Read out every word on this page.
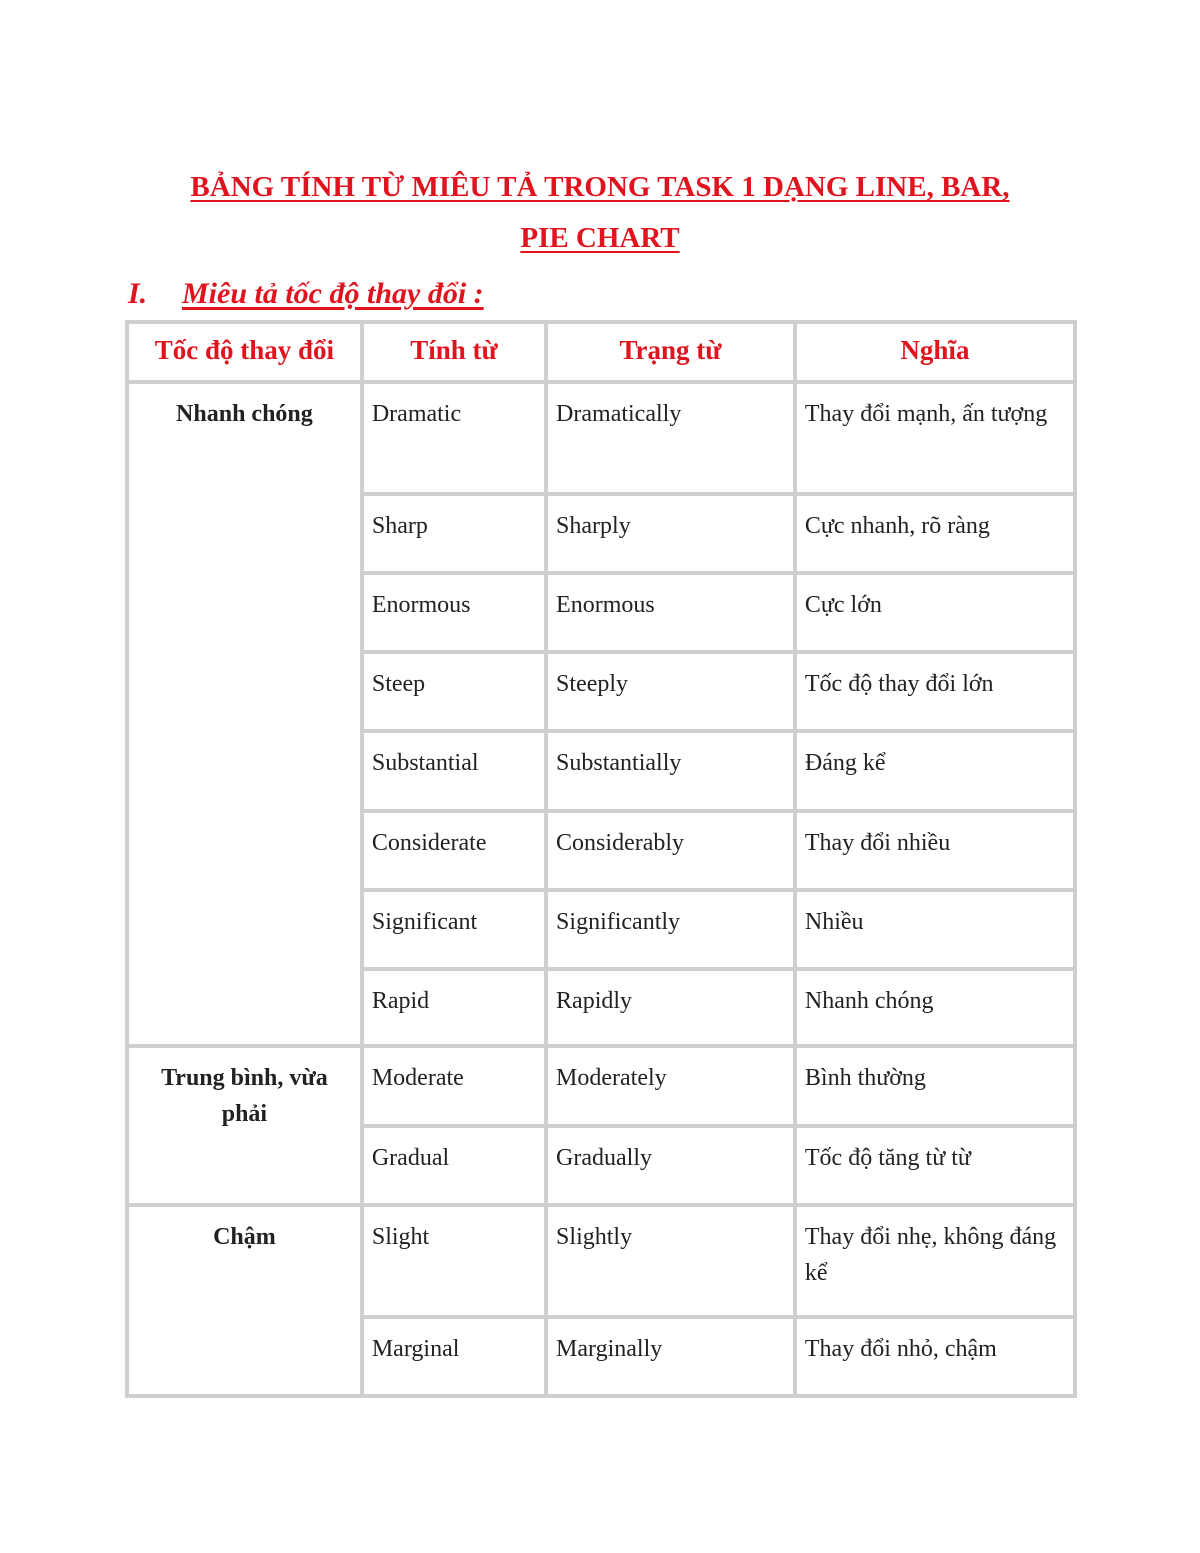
BẢNG TÍNH TỪ MIÊU TẢ TRONG TASK 1 DẠNG LINE, BAR,
PIE CHART
I. Miêu tả tốc độ thay đổi :
Tốc độ thay đổi	Tính từ	Trạng từ	Nghĩa
Nhanh chóng	Dramatic	Dramatically	Thay đổi mạnh, ấn tượng
	Sharp	Sharply	Cực nhanh, rõ ràng
	Enormous	Enormous	Cực lớn
	Steep	Steeply	Tốc độ thay đổi lớn
	Substantial	Substantially	Đáng kể
	Considerate	Considerably	Thay đổi nhiều
	Significant	Significantly	Nhiều
	Rapid	Rapidly	Nhanh chóng
Trung bình, vừa phải	Moderate	Moderately	Bình thường
	Gradual	Gradually	Tốc độ tăng từ từ
Chậm	Slight	Slightly	Thay đổi nhẹ, không đáng kể
	Marginal	Marginally	Thay đổi nhỏ, chậm
